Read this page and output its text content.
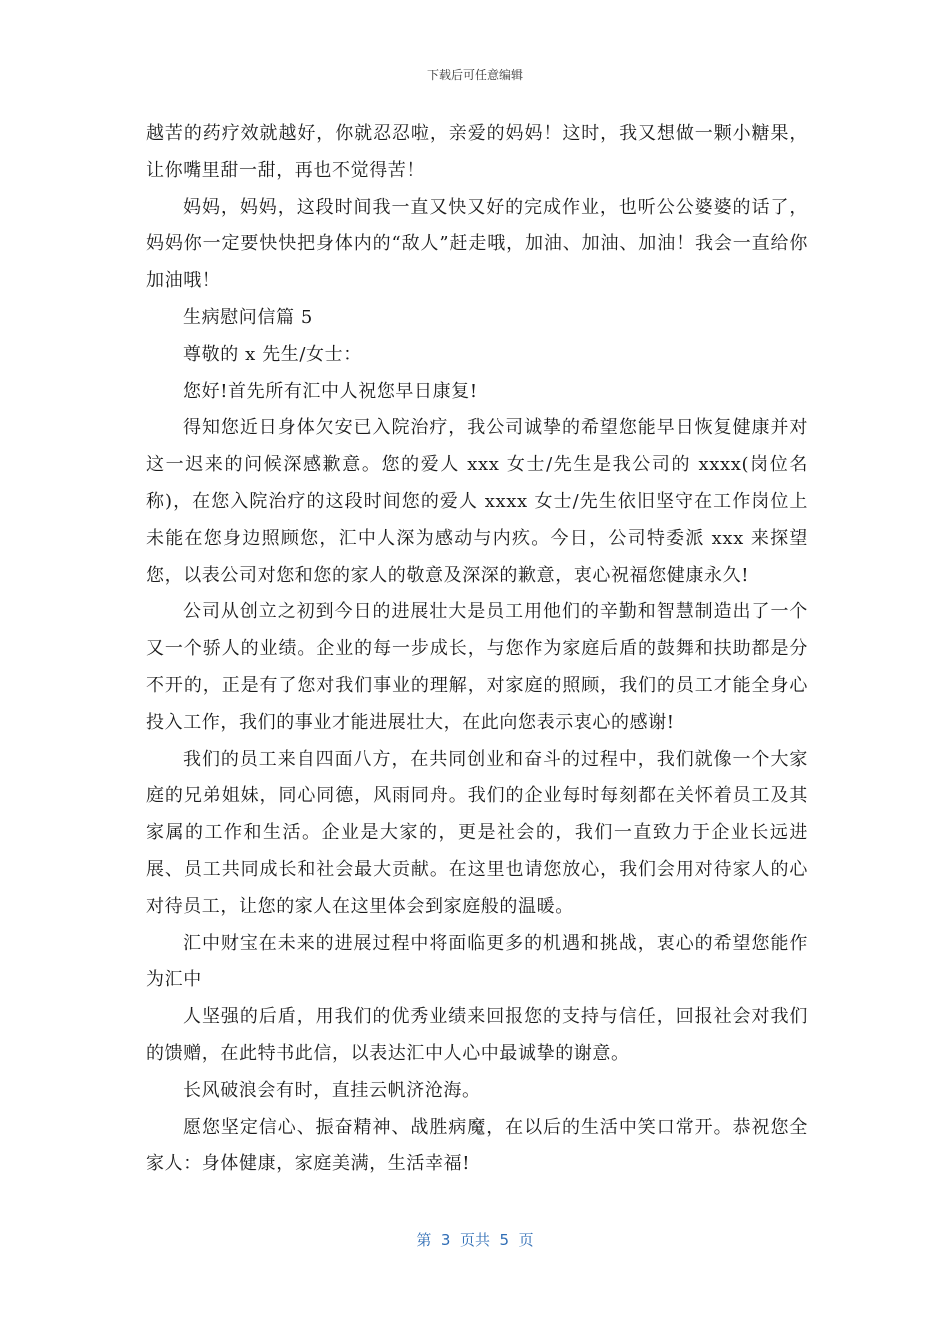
下载后可任意编辑

越苦的药疗效就越好，你就忍忍啦，亲爱的妈妈！这时，我又想做一颗小糖果，让你嘴里甜一甜，再也不觉得苦！

妈妈，妈妈，这段时间我一直又快又好的完成作业，也听公公婆婆的话了，妈妈你一定要快快把身体内的“敌人”赶走哦，加油、加油、加油！我会一直给你加油哦！

生病慰问信篇 5

尊敬的 x 先生/女士：

您好!首先所有汇中人祝您早日康复!

得知您近日身体欠安已入院治疗，我公司诚挚的希望您能早日恢复健康并对这一迟来的问候深感歉意。您的爱人 xxx 女士/先生是我公司的 xxxx(岗位名称)，在您入院治疗的这段时间您的爱人 xxxx 女士/先生依旧坚守在工作岗位上未能在您身边照顾您，汇中人深为感动与内疚。今日，公司特委派 xxx 来探望您，以表公司对您和您的家人的敬意及深深的歉意，衷心祝福您健康永久!

公司从创立之初到今日的进展壮大是员工用他们的辛勤和智慧制造出了一个又一个骄人的业绩。企业的每一步成长，与您作为家庭后盾的鼓舞和扶助都是分不开的，正是有了您对我们事业的理解，对家庭的照顾，我们的员工才能全身心投入工作，我们的事业才能进展壮大，在此向您表示衷心的感谢!

我们的员工来自四面八方，在共同创业和奋斗的过程中，我们就像一个大家庭的兄弟姐妹，同心同德，风雨同舟。我们的企业每时每刻都在关怀着员工及其家属的工作和生活。企业是大家的，更是社会的，我们一直致力于企业长远进展、员工共同成长和社会最大贡献。在这里也请您放心，我们会用对待家人的心对待员工，让您的家人在这里体会到家庭般的温暖。

汇中财宝在未来的进展过程中将面临更多的机遇和挑战，衷心的希望您能作为汇中

人坚强的后盾，用我们的优秀业绩来回报您的支持与信任，回报社会对我们的馈赠，在此特书此信，以表达汇中人心中最诚挚的谢意。

长风破浪会有时，直挂云帆济沧海。

愿您坚定信心、振奋精神、战胜病魔，在以后的生活中笑口常开。恭祝您全家人：身体健康，家庭美满，生活幸福!

第  3  页共  5  页
